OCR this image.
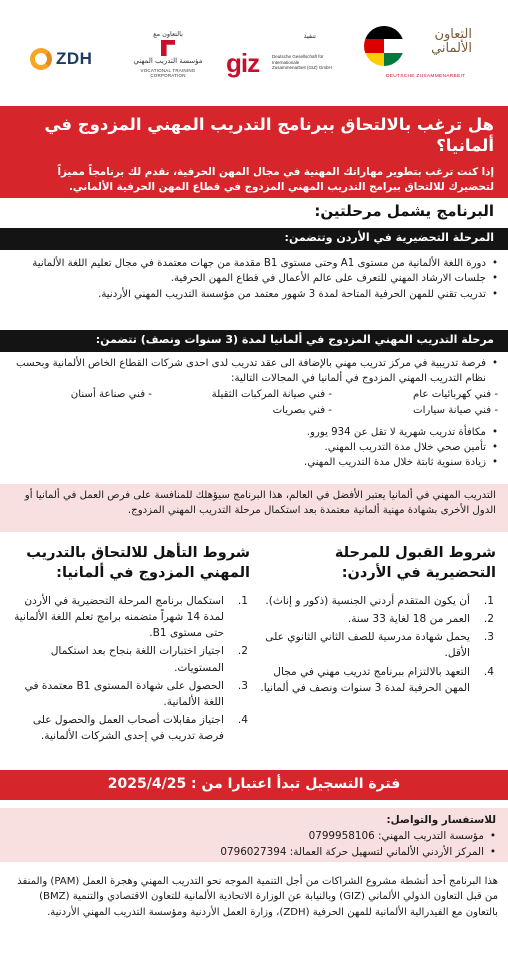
ZDH
بالتعاون مع
مؤسسة التدريب المهني
VOCATIONAL TRAINING CORPORATION
تنفيذ
giz	Deutsche Gesellschaft für Internationale Zusammenarbeit (GIZ) GmbH
التعاون الألماني
DEUTSCHE ZUSAMMENARBEIT
هل ترغب بالالتحاق ببرنامج التدريب المهني المزدوج في ألمانيا؟

إذا كنت ترغب بتطوير مهاراتك المهنية في مجال المهن الحرفية، نقدم لك برنامجاً مميزاً لتحضيرك للالتحاق ببرامج التدريب المهني المزدوج في قطاع المهن الحرفية الألماني.

البرنامج يشمل مرحلتين:
المرحلة التحضيرية في الأردن وتتضمن:
• دورة اللغة الألمانية من مستوى A1 وحتى مستوى B1 مقدمة من جهات معتمدة في مجال تعليم اللغة الألمانية
• جلسات الارشاد المهني للتعرف على عالم الأعمال في قطاع المهن الحرفية.
• تدريب تقني للمهن الحرفية المتاحة لمدة 3 شهور معتمد من مؤسسة التدريب المهني الأردنية.
مرحلة التدريب المهني المزدوج في ألمانيا لمدة (3 سنوات ونصف) تتضمن:
• فرصة تدريبية في مركز تدريب مهني بالإضافة الى عقد تدريب لدى احدى شركات القطاع الخاص الألمانية وبحسب نظام التدريب المهني المزدوج في ألمانيا في المجالات التالية:
- فني كهربائيات عام
- فني صيانة المركبات الثقيلة
- فني صناعة أسنان
- فني صيانة سيارات
- فني بصريات
• مكافأة تدريب شهرية لا تقل عن 934 يورو.
• تأمين صحي خلال مدة التدريب المهني.
• زيادة سنوية ثابتة خلال مدة التدريب المهني.
التدريب المهني في ألمانيا يعتبر الأفضل في العالم، هذا البرنامج سيؤهلك للمنافسة على فرص العمل في ألمانيا أو الدول الأخرى بشهادة مهنية ألمانية معتمدة بعد استكمال مرحلة التدريب المهني المزدوج.
شروط القبول للمرحلة التحضيرية في الأردن:
1.
أن يكون المتقدم أردني الجنسية (ذكور و إناث).
2.
العمر من 18 لغاية 33 سنة.
3.
يحمل شهادة مدرسية للصف الثاني الثانوي على الأقل.
4.
التعهد بالالتزام ببرنامج تدريب مهني في مجال المهن الحرفية لمدة 3 سنوات ونصف في ألمانيا.
شروط التأهل للالتحاق بالتدريب المهني المزدوج في ألمانيا:
1.
استكمال برنامج المرحلة التحضيرية في الأردن لمدة 14 شهراً متضمنه برامج تعلم اللغة الألمانية حتى مستوى B1.
2.
اجتياز اختبارات اللغة بنجاح بعد استكمال المستويات.
3.
الحصول على شهادة المستوى B1 معتمدة في اللغة الألمانية.
4.
اجتياز مقابلات أصحاب العمل والحصول على فرصة تدريب في إحدى الشركات الألمانية.
فترة التسجيل تبدأ اعتبارا من : 2025/4/25
للاستفسار والتواصل:
• مؤسسة التدريب المهني: 0799958106
• المركز الأردني الألماني لتسهيل حركة العمالة: 0796027394
هذا البرنامج أحد أنشطة مشروع الشراكات من أجل التنمية الموجه نحو التدريب المهني وهجرة العمل (PAM) والمنفذ من قبل التعاون الدولي الألماني (GIZ) وبالنيابة عن الوزارة الاتحادية الألمانية للتعاون الاقتصادي والتنمية (BMZ) بالتعاون مع الفيدرالية الألمانية للمهن الحرفية (ZDH)، وزارة العمل الأردنية ومؤسسة التدريب المهني الأردنية.
